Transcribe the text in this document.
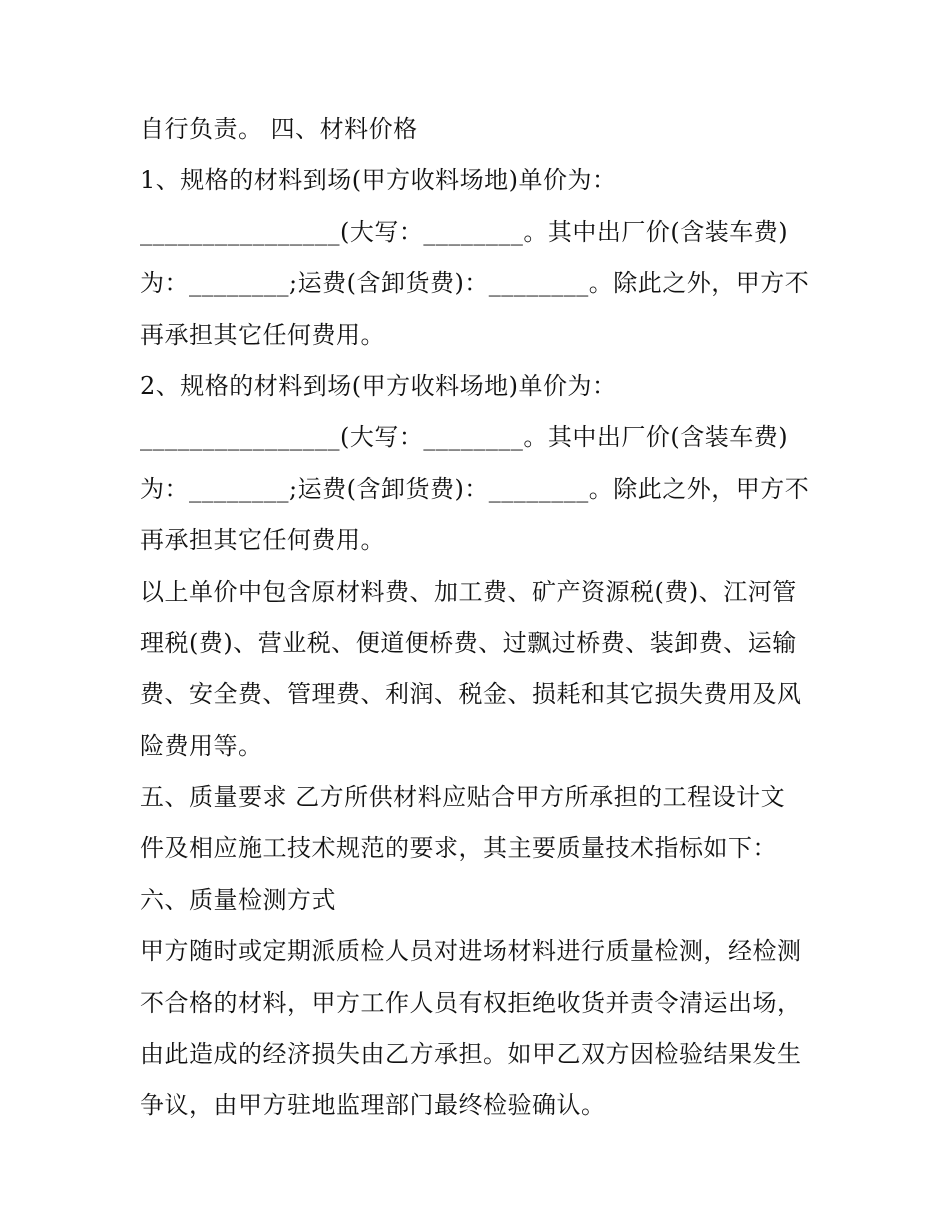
自行负责。 四、材料价格
1、规格的材料到场(甲方收料场地)单价为：
________________(大写：________。其中出厂价(含装车费)
为：________;运费(含卸货费)：________。除此之外，甲方不
再承担其它任何费用。
2、规格的材料到场(甲方收料场地)单价为：
________________(大写：________。其中出厂价(含装车费)
为：________;运费(含卸货费)：________。除此之外，甲方不
再承担其它任何费用。
以上单价中包含原材料费、加工费、矿产资源税(费)、江河管
理税(费)、营业税、便道便桥费、过飘过桥费、装卸费、运输
费、安全费、管理费、利润、税金、损耗和其它损失费用及风
险费用等。
五、质量要求 乙方所供材料应贴合甲方所承担的工程设计文
件及相应施工技术规范的要求，其主要质量技术指标如下：
六、质量检测方式
甲方随时或定期派质检人员对进场材料进行质量检测，经检测
不合格的材料，甲方工作人员有权拒绝收货并责令清运出场，
由此造成的经济损失由乙方承担。如甲乙双方因检验结果发生
争议，由甲方驻地监理部门最终检验确认。
